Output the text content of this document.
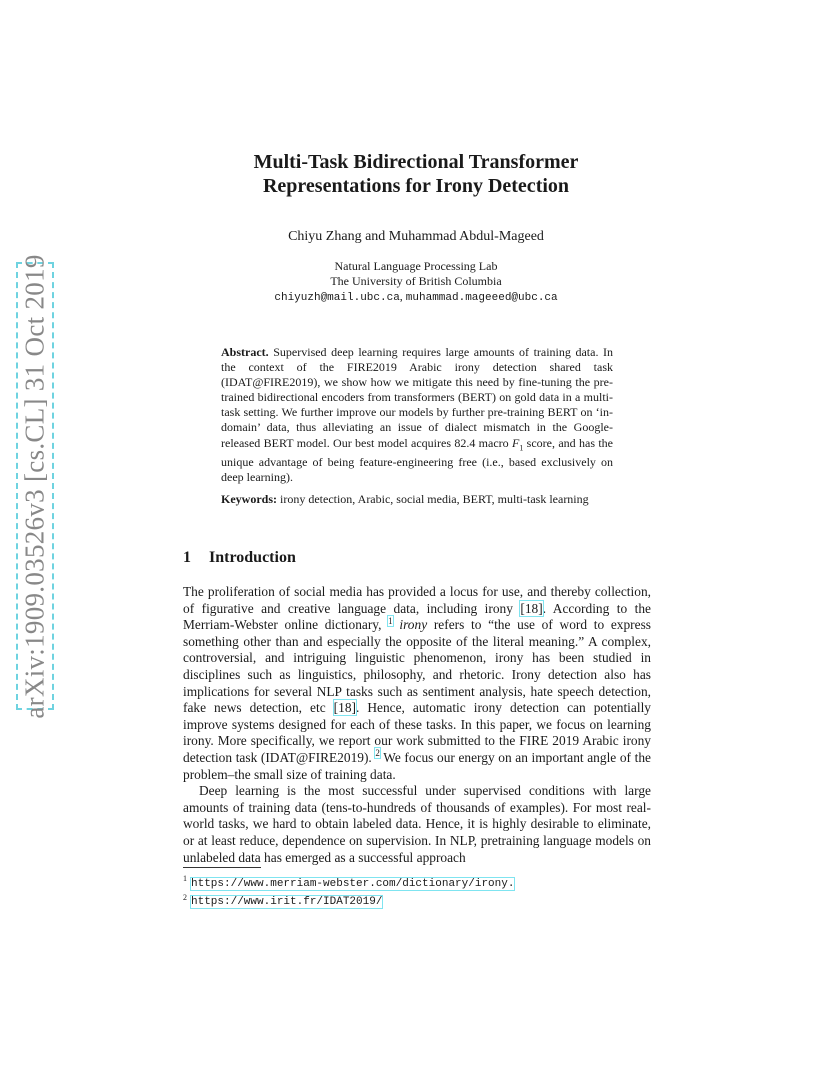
arXiv:1909.03526v3 [cs.CL] 31 Oct 2019
Multi-Task Bidirectional Transformer
Representations for Irony Detection
Chiyu Zhang and Muhammad Abdul-Mageed
Natural Language Processing Lab
The University of British Columbia
chiyuzh@mail.ubc.ca, muhammad.mageeed@ubc.ca
Abstract. Supervised deep learning requires large amounts of training data. In the context of the FIRE2019 Arabic irony detection shared task (IDAT@FIRE2019), we show how we mitigate this need by fine-tuning the pre-trained bidirectional encoders from transformers (BERT) on gold data in a multi-task setting. We further improve our models by further pre-training BERT on ‘in-domain’ data, thus alleviating an issue of dialect mismatch in the Google-released BERT model. Our best model acquires 82.4 macro $F_1$ score, and has the unique advantage of being feature-engineering free (i.e., based exclusively on deep learning).
Keywords: irony detection, Arabic, social media, BERT, multi-task learning
1 Introduction

The proliferation of social media has provided a locus for use, and thereby collection, of figurative and creative language data, including irony [18]. According to the Merriam-Webster online dictionary, $^1$ irony refers to “the use of word to express something other than and especially the opposite of the literal meaning.” A complex, controversial, and intriguing linguistic phenomenon, irony has been studied in disciplines such as linguistics, philosophy, and rhetoric. Irony detection also has implications for several NLP tasks such as sentiment analysis, hate speech detection, fake news detection, etc [18]. Hence, automatic irony detection can potentially improve systems designed for each of these tasks. In this paper, we focus on learning irony. More specifically, we report our work submitted to the FIRE 2019 Arabic irony detection task (IDAT@FIRE2019). $^2$ We focus our energy on an important angle of the problem–the small size of training data.

Deep learning is the most successful under supervised conditions with large amounts of training data (tens-to-hundreds of thousands of examples). For most real-world tasks, we hard to obtain labeled data. Hence, it is highly desirable to eliminate, or at least reduce, dependence on supervision. In NLP, pretraining language models on unlabeled data has emerged as a successful approach

$^1$ https://www.merriam-webster.com/dictionary/irony.
$^2$ https://www.irit.fr/IDAT2019/
